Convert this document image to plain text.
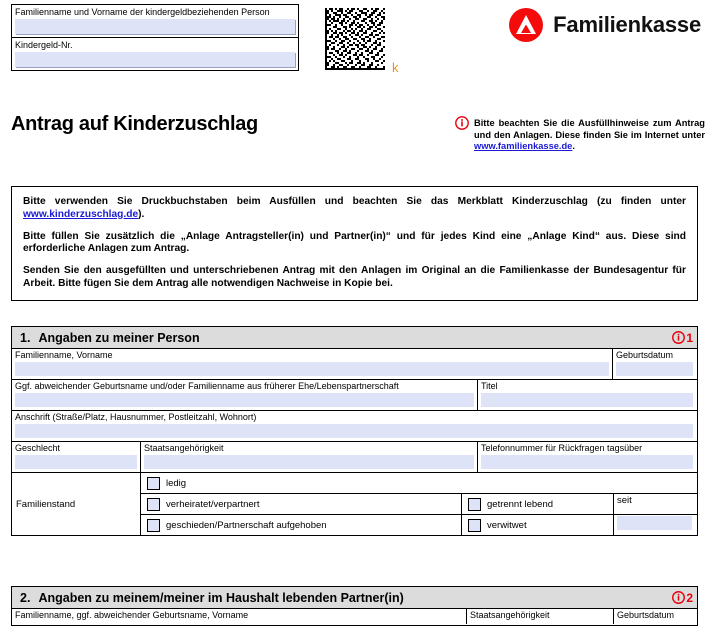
Familienname und Vorname der kindergeldbeziehenden Person
Kindergeld-Nr.
k
Familienkasse
Antrag auf Kinderzuschlag	Bitte beachten Sie die Ausfüllhinweise zum Antrag und den Anlagen. Diese finden Sie im Internet unter www.familienkasse.de.

Bitte verwenden Sie Druckbuchstaben beim Ausfüllen und beachten Sie das Merkblatt Kinderzuschlag (zu finden unter www.kinderzuschlag.de).

Bitte füllen Sie zusätzlich die „Anlage Antragsteller(in) und Partner(in)“ und für jedes Kind eine „Anlage Kind“ aus. Diese sind erforderliche Anlagen zum Antrag.

Senden Sie den ausgefüllten und unterschriebenen Antrag mit den Anlagen im Original an die Familienkasse der Bundesagentur für Arbeit. Bitte fügen Sie dem Antrag alle notwendigen Nachweise in Kopie bei.

1. Angaben zu meiner Person	1
Familienname, Vorname	Geburtsdatum
Ggf. abweichender Geburtsname und/oder Familienname aus früherer Ehe/Lebenspartnerschaft	Titel
Anschrift (Straße/Platz, Hausnummer, Postleitzahl, Wohnort)
Geschlecht	Staatsangehörigkeit	Telefonnummer für Rückfragen tagsüber
Familienstand
ledig
verheiratet/verpartnert	getrennt lebend	seit
geschieden/Partnerschaft aufgehoben	verwitwet
2. Angaben zu meinem/meiner im Haushalt lebenden Partner(in)	2
Familienname, ggf. abweichender Geburtsname, Vorname	Staatsangehörigkeit	Geburtsdatum
